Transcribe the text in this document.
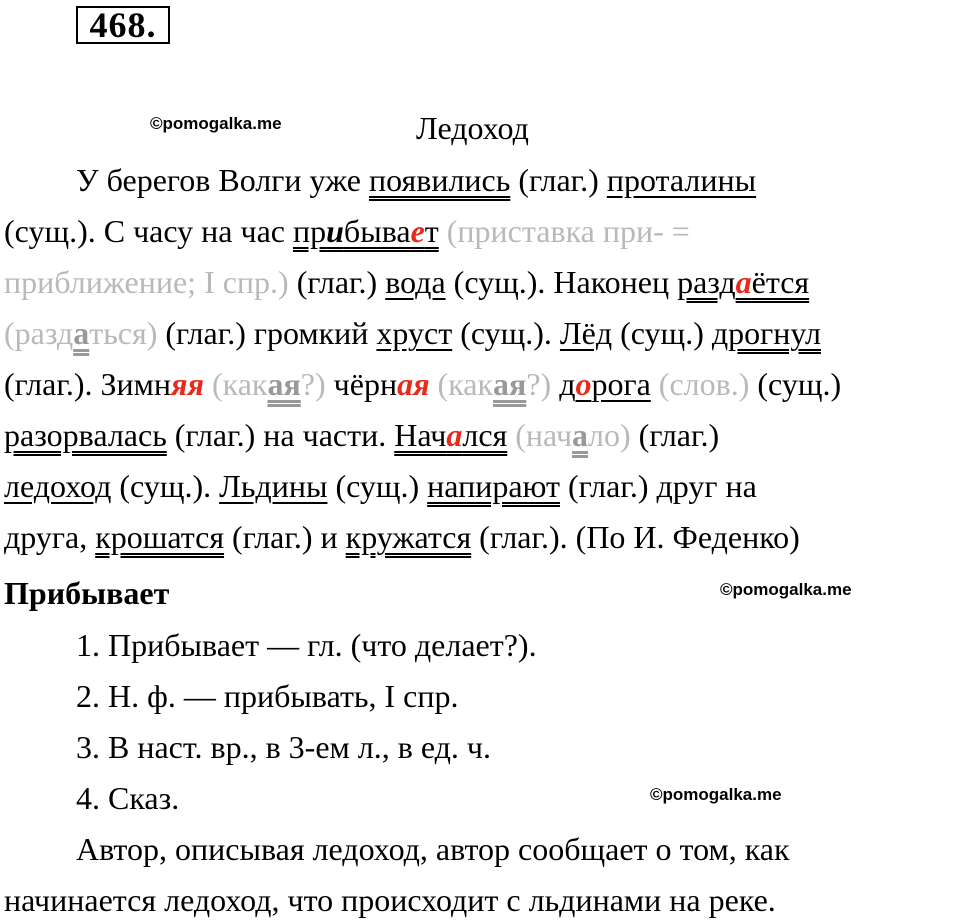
468.
©pomogalka.me
©pomogalka.me
©pomogalka.me
Ледоход
У берегов Волги уже появились (глаг.) проталины
(сущ.). С часу на час прибывает (приставка при- =
приближение; I спр.) (глаг.) вода (сущ.). Наконец раздаётся
(раздаться) (глаг.) громкий хруст (сущ.). Лёд (сущ.) дрогнул
(глаг.). Зимняя (какая?) чёрная (какая?) дорога (слов.) (сущ.)
разорвалась (глаг.) на части. Начался (начало) (глаг.)
ледоход (сущ.). Льдины (сущ.) напирают (глаг.) друг на
друга, крошатся (глаг.) и кружатся (глаг.). (По И. Феденко)
Прибывает
1. Прибывает — гл. (что делает?).
2. Н. ф. — прибывать, I спр.
3. В наст. вр., в 3-ем л., в ед. ч.
4. Сказ.
Автор, описывая ледоход, автор сообщает о том, как
начинается ледоход, что происходит с льдинами на реке.
